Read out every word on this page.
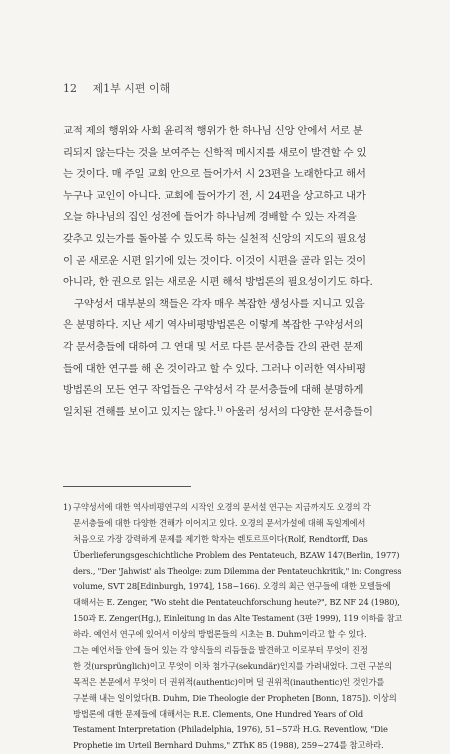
12 제1부 시편 이해
교적 제의 행위와 사회 윤리적 행위가 한 하나님 신앙 안에서 서로 분
리되지 않는다는 것을 보여주는 신학적 메시지를 새로이 발견할 수 있
는 것이다. 매 주일 교회 안으로 들어가서 시 23편을 노래한다고 해서
누구나 교인이 아니다. 교회에 들어가기 전, 시 24편을 상고하고 내가
오늘 하나님의 집인 성전에 들어가 하나님께 경배할 수 있는 자격을
갖추고 있는가를 돌아볼 수 있도록 하는 실천적 신앙의 지도의 필요성
이 곧 새로운 시편 읽기에 있는 것이다. 이것이 시편을 골라 읽는 것이
아니라, 한 권으로 읽는 새로운 시편 해석 방법론의 필요성이기도 하다.
구약성서 대부분의 책들은 각자 매우 복잡한 생성사를 지니고 있음
은 분명하다. 지난 세기 역사비평방법론은 이렇게 복잡한 구약성서의
각 문서층들에 대하여 그 연대 및 서로 다른 문서층들 간의 관련 문제
들에 대한 연구를 해 온 것이라고 할 수 있다. 그러나 이러한 역사비평
방법론의 모든 연구 작업들은 구약성서 각 문서층들에 대해 분명하게
일치된 견해를 보이고 있지는 않다.$^{1)}$ 아울러 성서의 다양한 문서층들이
1) 구약성서에 대한 역사비평연구의 시작인 오경의 문서설 연구는 지금까지도 오경의 각
문서층들에 대한 다양한 견해가 이어지고 있다. 오경의 문서가설에 대해 독일계에서
처음으로 가장 강력하게 문제를 제기한 학자는 렌토르프이다(Rolf, Rendtorff, Das
Überlieferungsgeschichtliche Problem des Pentateuch, BZAW 147(Berlin, 1977)
ders., "Der 'Jahwist' als Theolge: zum Dilemma der Pentateuchkritik," in: Congress
volume, SVT 28[Edinburgh, 1974], 158~166). 오경의 최근 연구들에 대한 모델들에
대해서는 E. Zenger, "Wo steht die Pentateuchforschung heute?", BZ NF 24 (1980),
150과 E. Zenger(Hg.), Einleitung in das Alte Testament (3판 1999), 119 이하를 참고
하라. 예언서 연구에 있어서 이상의 방법론들의 시초는 B. Duhm이라고 할 수 있다.
그는 예언서들 안에 들어 있는 각 양식들의 리듬들을 발견하고 이로부터 무엇이 진정
한 것(ursprünglich)이고 무엇이 이차 첨가구(sekundär)인지를 가려내었다. 그런 구분의
목적은 본문에서 무엇이 더 권위적(authentic)이며 덜 권위적(inauthentic)인 것인가를
구분해 내는 일이었다(B. Duhm, Die Theologie der Propheten [Bonn, 1875]). 이상의
방법론에 대한 문제들에 대해서는 R.E. Clements, One Hundred Years of Old
Testament Interpretation (Philadelphia, 1976), 51~57과 H.G. Reventlow, "Die
Prophetie im Urteil Bernhard Duhms," ZThK 85 (1988), 259~274를 참고하라.
